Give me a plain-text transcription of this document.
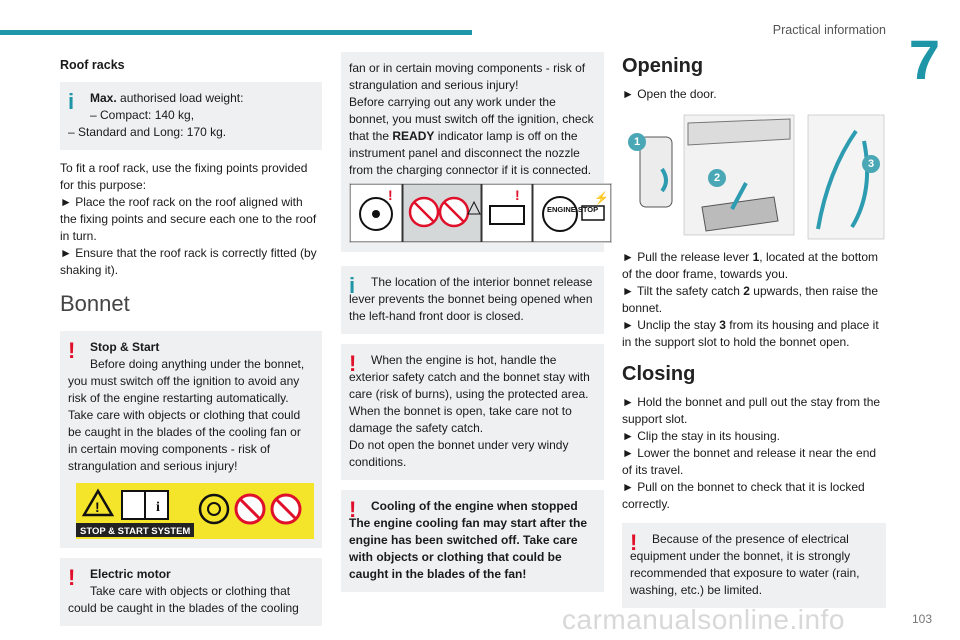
Practical information 7
Roof racks
i	Max. authorised load weight:
– Compact: 140 kg,
– Standard and Long: 170 kg.

To fit a roof rack, use the fixing points provided for this purpose:

► Place the roof rack on the roof aligned with the fixing points and secure each one to the roof in turn.

► Ensure that the roof rack is correctly fitted (by shaking it).

Bonnet
!	Stop & Start
Before doing anything under the bonnet, you must switch off the ignition to avoid any risk of the engine restarting automatically. Take care with objects or clothing that could be caught in the blades of the cooling fan or in certain moving components - risk of strangulation and serious injury!
!	i
STOP & START SYSTEM
!	Electric motor
Take care with objects or clothing that could be caught in the blades of the cooling

fan or in certain moving components - risk of strangulation and serious injury!

Before carrying out any work under the bonnet, you must switch off the ignition, check that the READY indicator lamp is off on the instrument panel and disconnect the nozzle from the charging connector if it is connected.

!	!
ENGINE STOP
⚡
i	The location of the interior bonnet release lever prevents the bonnet being opened when the left-hand front door is closed.
!	When the engine is hot, handle the exterior safety catch and the bonnet stay with care (risk of burns), using the protected area.
When the bonnet is open, take care not to damage the safety catch.
Do not open the bonnet under very windy conditions.
!	Cooling of the engine when stopped
The engine cooling fan may start after the engine has been switched off. Take care with objects or clothing that could be caught in the blades of the fan!
Opening

► Open the door.

1
2
3

► Pull the release lever 1, located at the bottom of the door frame, towards you.

► Tilt the safety catch 2 upwards, then raise the bonnet.

► Unclip the stay 3 from its housing and place it in the support slot to hold the bonnet open.

Closing

► Hold the bonnet and pull out the stay from the support slot.

► Clip the stay in its housing.

► Lower the bonnet and release it near the end of its travel.

► Pull on the bonnet to check that it is locked correctly.

!	Because of the presence of electrical equipment under the bonnet, it is strongly recommended that exposure to water (rain, washing, etc.) be limited.
carmanualsonline.info	103
